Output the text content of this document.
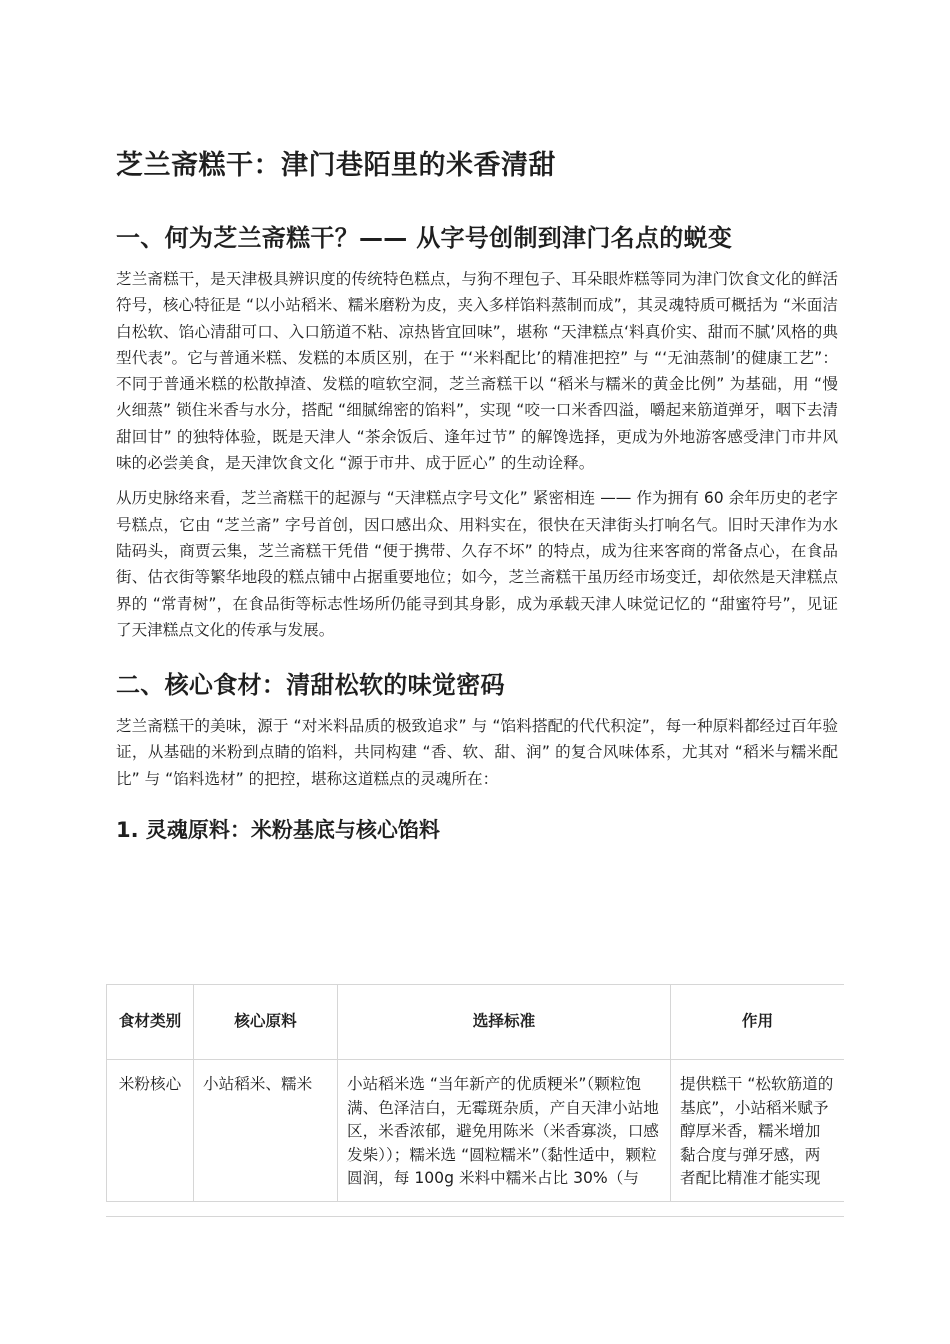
芝兰斋糕干：津门巷陌里的米香清甜
一、何为芝兰斋糕干？—— 从字号创制到津门名点的蜕变

芝兰斋糕干，是天津极具辨识度的传统特色糕点，与狗不理包子、耳朵眼炸糕等同为津门饮食文化的鲜活符号，核心特征是 “以小站稻米、糯米磨粉为皮，夹入多样馅料蒸制而成”，其灵魂特质可概括为 “米面洁白松软、馅心清甜可口、入口筋道不粘、凉热皆宜回味”，堪称 “天津糕点‘料真价实、甜而不腻’风格的典型代表”。它与普通米糕、发糕的本质区别，在于 “‘米料配比’的精准把控” 与 “‘无油蒸制’的健康工艺”：不同于普通米糕的松散掉渣、发糕的喧软空洞，芝兰斋糕干以 “稻米与糯米的黄金比例” 为基础，用 “慢火细蒸” 锁住米香与水分，搭配 “细腻绵密的馅料”，实现 “咬一口米香四溢，嚼起来筋道弹牙，咽下去清甜回甘” 的独特体验，既是天津人 “茶余饭后、逢年过节” 的解馋选择，更成为外地游客感受津门市井风味的必尝美食，是天津饮食文化 “源于市井、成于匠心” 的生动诠释。

从历史脉络来看，芝兰斋糕干的起源与 “天津糕点字号文化” 紧密相连 —— 作为拥有 60 余年历史的老字号糕点，它由 “芝兰斋” 字号首创，因口感出众、用料实在，很快在天津街头打响名气。旧时天津作为水陆码头，商贾云集，芝兰斋糕干凭借 “便于携带、久存不坏” 的特点，成为往来客商的常备点心，在食品街、估衣街等繁华地段的糕点铺中占据重要地位；如今，芝兰斋糕干虽历经市场变迁，却依然是天津糕点界的 “常青树”，在食品街等标志性场所仍能寻到其身影，成为承载天津人味觉记忆的 “甜蜜符号”，见证了天津糕点文化的传承与发展。

二、核心食材：清甜松软的味觉密码

芝兰斋糕干的美味，源于 “对米料品质的极致追求” 与 “馅料搭配的代代积淀”，每一种原料都经过百年验证，从基础的米粉到点睛的馅料，共同构建 “香、软、甜、润” 的复合风味体系，尤其对 “稻米与糯米配比” 与 “馅料选材” 的把控，堪称这道糕点的灵魂所在：

1. 灵魂原料：米粉基底与核心馅料
食材类别	核心原料	选择标准	作用
米粉核心	小站稻米、糯米	小站稻米选 “当年新产的优质粳米”（颗粒饱满、色泽洁白，无霉斑杂质，产自天津小站地区，米香浓郁，避免用陈米（米香寡淡，口感发柴））；糯米选 “圆粒糯米”（黏性适中，颗粒圆润，每 100g 米料中糯米占比 30%（与	提供糕干 “松软筋道的基底”，小站稻米赋予醇厚米香，糯米增加黏合度与弹牙感，两者配比精准才能实现
